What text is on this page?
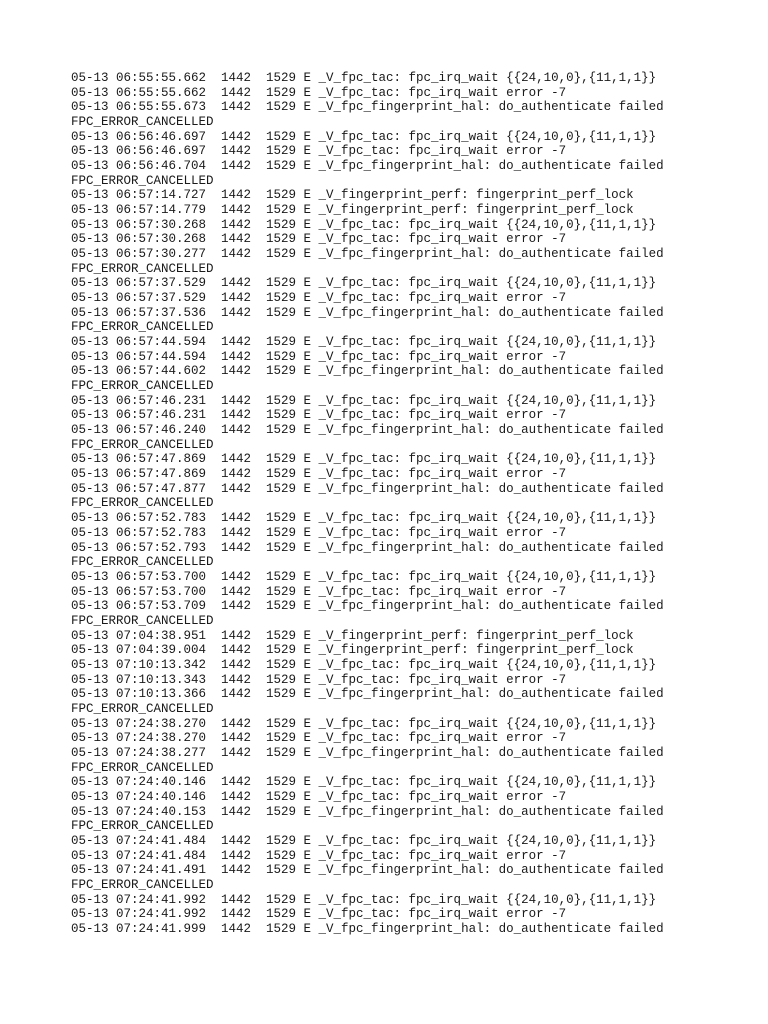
05-13 06:55:55.662  1442  1529 E _V_fpc_tac: fpc_irq_wait {{24,10,0},{11,1,1}}
05-13 06:55:55.662  1442  1529 E _V_fpc_tac: fpc_irq_wait error -7
05-13 06:55:55.673  1442  1529 E _V_fpc_fingerprint_hal: do_authenticate failed
FPC_ERROR_CANCELLED
05-13 06:56:46.697  1442  1529 E _V_fpc_tac: fpc_irq_wait {{24,10,0},{11,1,1}}
05-13 06:56:46.697  1442  1529 E _V_fpc_tac: fpc_irq_wait error -7
05-13 06:56:46.704  1442  1529 E _V_fpc_fingerprint_hal: do_authenticate failed
FPC_ERROR_CANCELLED
05-13 06:57:14.727  1442  1529 E _V_fingerprint_perf: fingerprint_perf_lock
05-13 06:57:14.779  1442  1529 E _V_fingerprint_perf: fingerprint_perf_lock
05-13 06:57:30.268  1442  1529 E _V_fpc_tac: fpc_irq_wait {{24,10,0},{11,1,1}}
05-13 06:57:30.268  1442  1529 E _V_fpc_tac: fpc_irq_wait error -7
05-13 06:57:30.277  1442  1529 E _V_fpc_fingerprint_hal: do_authenticate failed
FPC_ERROR_CANCELLED
05-13 06:57:37.529  1442  1529 E _V_fpc_tac: fpc_irq_wait {{24,10,0},{11,1,1}}
05-13 06:57:37.529  1442  1529 E _V_fpc_tac: fpc_irq_wait error -7
05-13 06:57:37.536  1442  1529 E _V_fpc_fingerprint_hal: do_authenticate failed
FPC_ERROR_CANCELLED
05-13 06:57:44.594  1442  1529 E _V_fpc_tac: fpc_irq_wait {{24,10,0},{11,1,1}}
05-13 06:57:44.594  1442  1529 E _V_fpc_tac: fpc_irq_wait error -7
05-13 06:57:44.602  1442  1529 E _V_fpc_fingerprint_hal: do_authenticate failed
FPC_ERROR_CANCELLED
05-13 06:57:46.231  1442  1529 E _V_fpc_tac: fpc_irq_wait {{24,10,0},{11,1,1}}
05-13 06:57:46.231  1442  1529 E _V_fpc_tac: fpc_irq_wait error -7
05-13 06:57:46.240  1442  1529 E _V_fpc_fingerprint_hal: do_authenticate failed
FPC_ERROR_CANCELLED
05-13 06:57:47.869  1442  1529 E _V_fpc_tac: fpc_irq_wait {{24,10,0},{11,1,1}}
05-13 06:57:47.869  1442  1529 E _V_fpc_tac: fpc_irq_wait error -7
05-13 06:57:47.877  1442  1529 E _V_fpc_fingerprint_hal: do_authenticate failed
FPC_ERROR_CANCELLED
05-13 06:57:52.783  1442  1529 E _V_fpc_tac: fpc_irq_wait {{24,10,0},{11,1,1}}
05-13 06:57:52.783  1442  1529 E _V_fpc_tac: fpc_irq_wait error -7
05-13 06:57:52.793  1442  1529 E _V_fpc_fingerprint_hal: do_authenticate failed
FPC_ERROR_CANCELLED
05-13 06:57:53.700  1442  1529 E _V_fpc_tac: fpc_irq_wait {{24,10,0},{11,1,1}}
05-13 06:57:53.700  1442  1529 E _V_fpc_tac: fpc_irq_wait error -7
05-13 06:57:53.709  1442  1529 E _V_fpc_fingerprint_hal: do_authenticate failed
FPC_ERROR_CANCELLED
05-13 07:04:38.951  1442  1529 E _V_fingerprint_perf: fingerprint_perf_lock
05-13 07:04:39.004  1442  1529 E _V_fingerprint_perf: fingerprint_perf_lock
05-13 07:10:13.342  1442  1529 E _V_fpc_tac: fpc_irq_wait {{24,10,0},{11,1,1}}
05-13 07:10:13.343  1442  1529 E _V_fpc_tac: fpc_irq_wait error -7
05-13 07:10:13.366  1442  1529 E _V_fpc_fingerprint_hal: do_authenticate failed
FPC_ERROR_CANCELLED
05-13 07:24:38.270  1442  1529 E _V_fpc_tac: fpc_irq_wait {{24,10,0},{11,1,1}}
05-13 07:24:38.270  1442  1529 E _V_fpc_tac: fpc_irq_wait error -7
05-13 07:24:38.277  1442  1529 E _V_fpc_fingerprint_hal: do_authenticate failed
FPC_ERROR_CANCELLED
05-13 07:24:40.146  1442  1529 E _V_fpc_tac: fpc_irq_wait {{24,10,0},{11,1,1}}
05-13 07:24:40.146  1442  1529 E _V_fpc_tac: fpc_irq_wait error -7
05-13 07:24:40.153  1442  1529 E _V_fpc_fingerprint_hal: do_authenticate failed
FPC_ERROR_CANCELLED
05-13 07:24:41.484  1442  1529 E _V_fpc_tac: fpc_irq_wait {{24,10,0},{11,1,1}}
05-13 07:24:41.484  1442  1529 E _V_fpc_tac: fpc_irq_wait error -7
05-13 07:24:41.491  1442  1529 E _V_fpc_fingerprint_hal: do_authenticate failed
FPC_ERROR_CANCELLED
05-13 07:24:41.992  1442  1529 E _V_fpc_tac: fpc_irq_wait {{24,10,0},{11,1,1}}
05-13 07:24:41.992  1442  1529 E _V_fpc_tac: fpc_irq_wait error -7
05-13 07:24:41.999  1442  1529 E _V_fpc_fingerprint_hal: do_authenticate failed
